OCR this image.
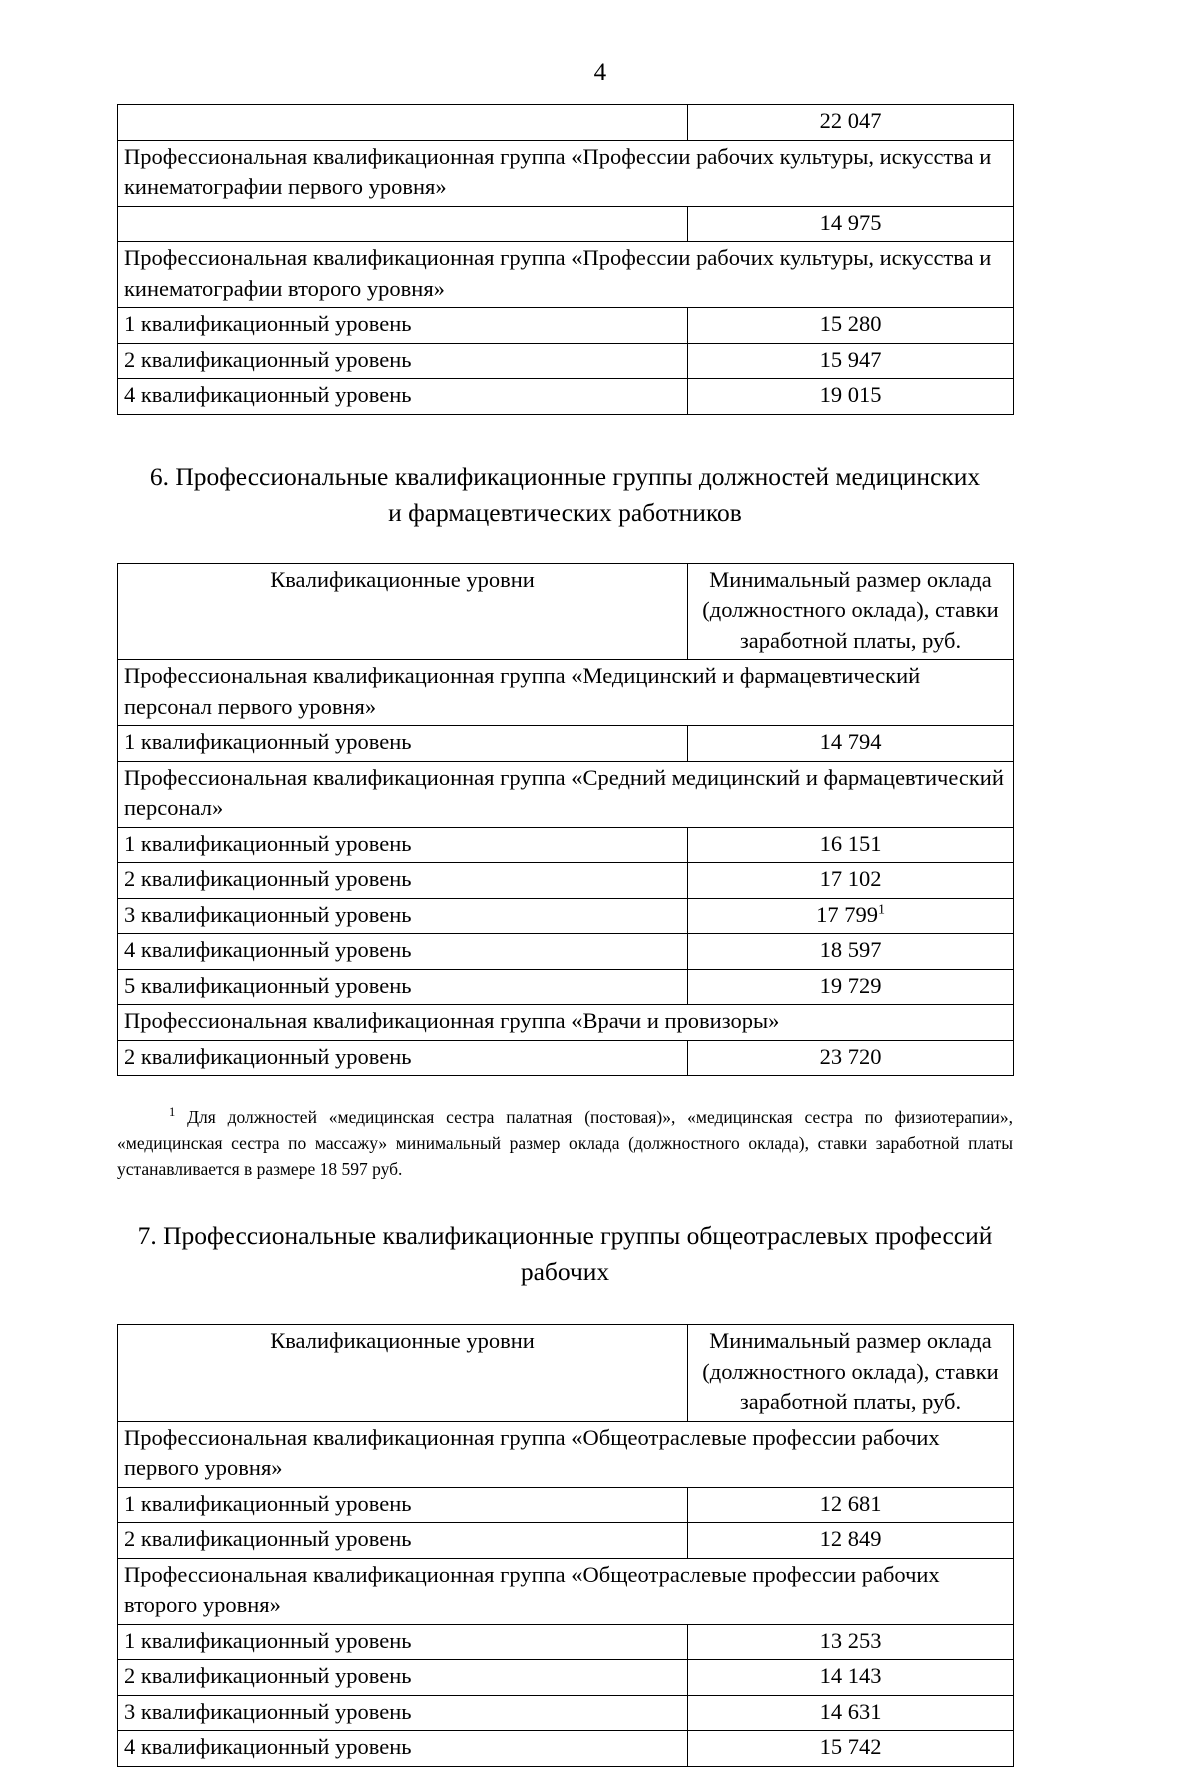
4
	22 047
Профессиональная квалификационная группа «Профессии рабочих культуры, искусства и кинематографии первого уровня»	
	14 975
Профессиональная квалификационная группа «Профессии рабочих культуры, искусства и кинематографии второго уровня»	
1 квалификационный уровень	15 280
2 квалификационный уровень	15 947
4 квалификационный уровень	19 015
6. Профессиональные квалификационные группы должностей медицинских
и фармацевтических работников
Квалификационные уровни	Минимальный размер оклада
(должностного оклада), ставки
заработной платы, руб.

Профессиональная квалификационная группа «Медицинский и фармацевтический персонал первого уровня»	
1 квалификационный уровень	14 794
Профессиональная квалификационная группа «Средний медицинский и фармацевтический персонал»	
1 квалификационный уровень	16 151
2 квалификационный уровень	17 102
3 квалификационный уровень	17 799$^1$
4 квалификационный уровень	18 597
5 квалификационный уровень	19 729
Профессиональная квалификационная группа «Врачи и провизоры»	
2 квалификационный уровень	23 720

$^1$ Для должностей «медицинская сестра палатная (постовая)», «медицинская сестра по физиотерапии», «медицинская сестра по массажу» минимальный размер оклада (должностного оклада), ставки заработной платы устанавливается в размере 18 597 руб.

7. Профессиональные квалификационные группы общеотраслевых профессий
рабочих
Квалификационные уровни	Минимальный размер оклада
(должностного оклада), ставки
заработной платы, руб.

Профессиональная квалификационная группа «Общеотраслевые профессии рабочих первого уровня»	
1 квалификационный уровень	12 681
2 квалификационный уровень	12 849
Профессиональная квалификационная группа «Общеотраслевые профессии рабочих второго уровня»	
1 квалификационный уровень	13 253
2 квалификационный уровень	14 143
3 квалификационный уровень	14 631
4 квалификационный уровень	15 742
